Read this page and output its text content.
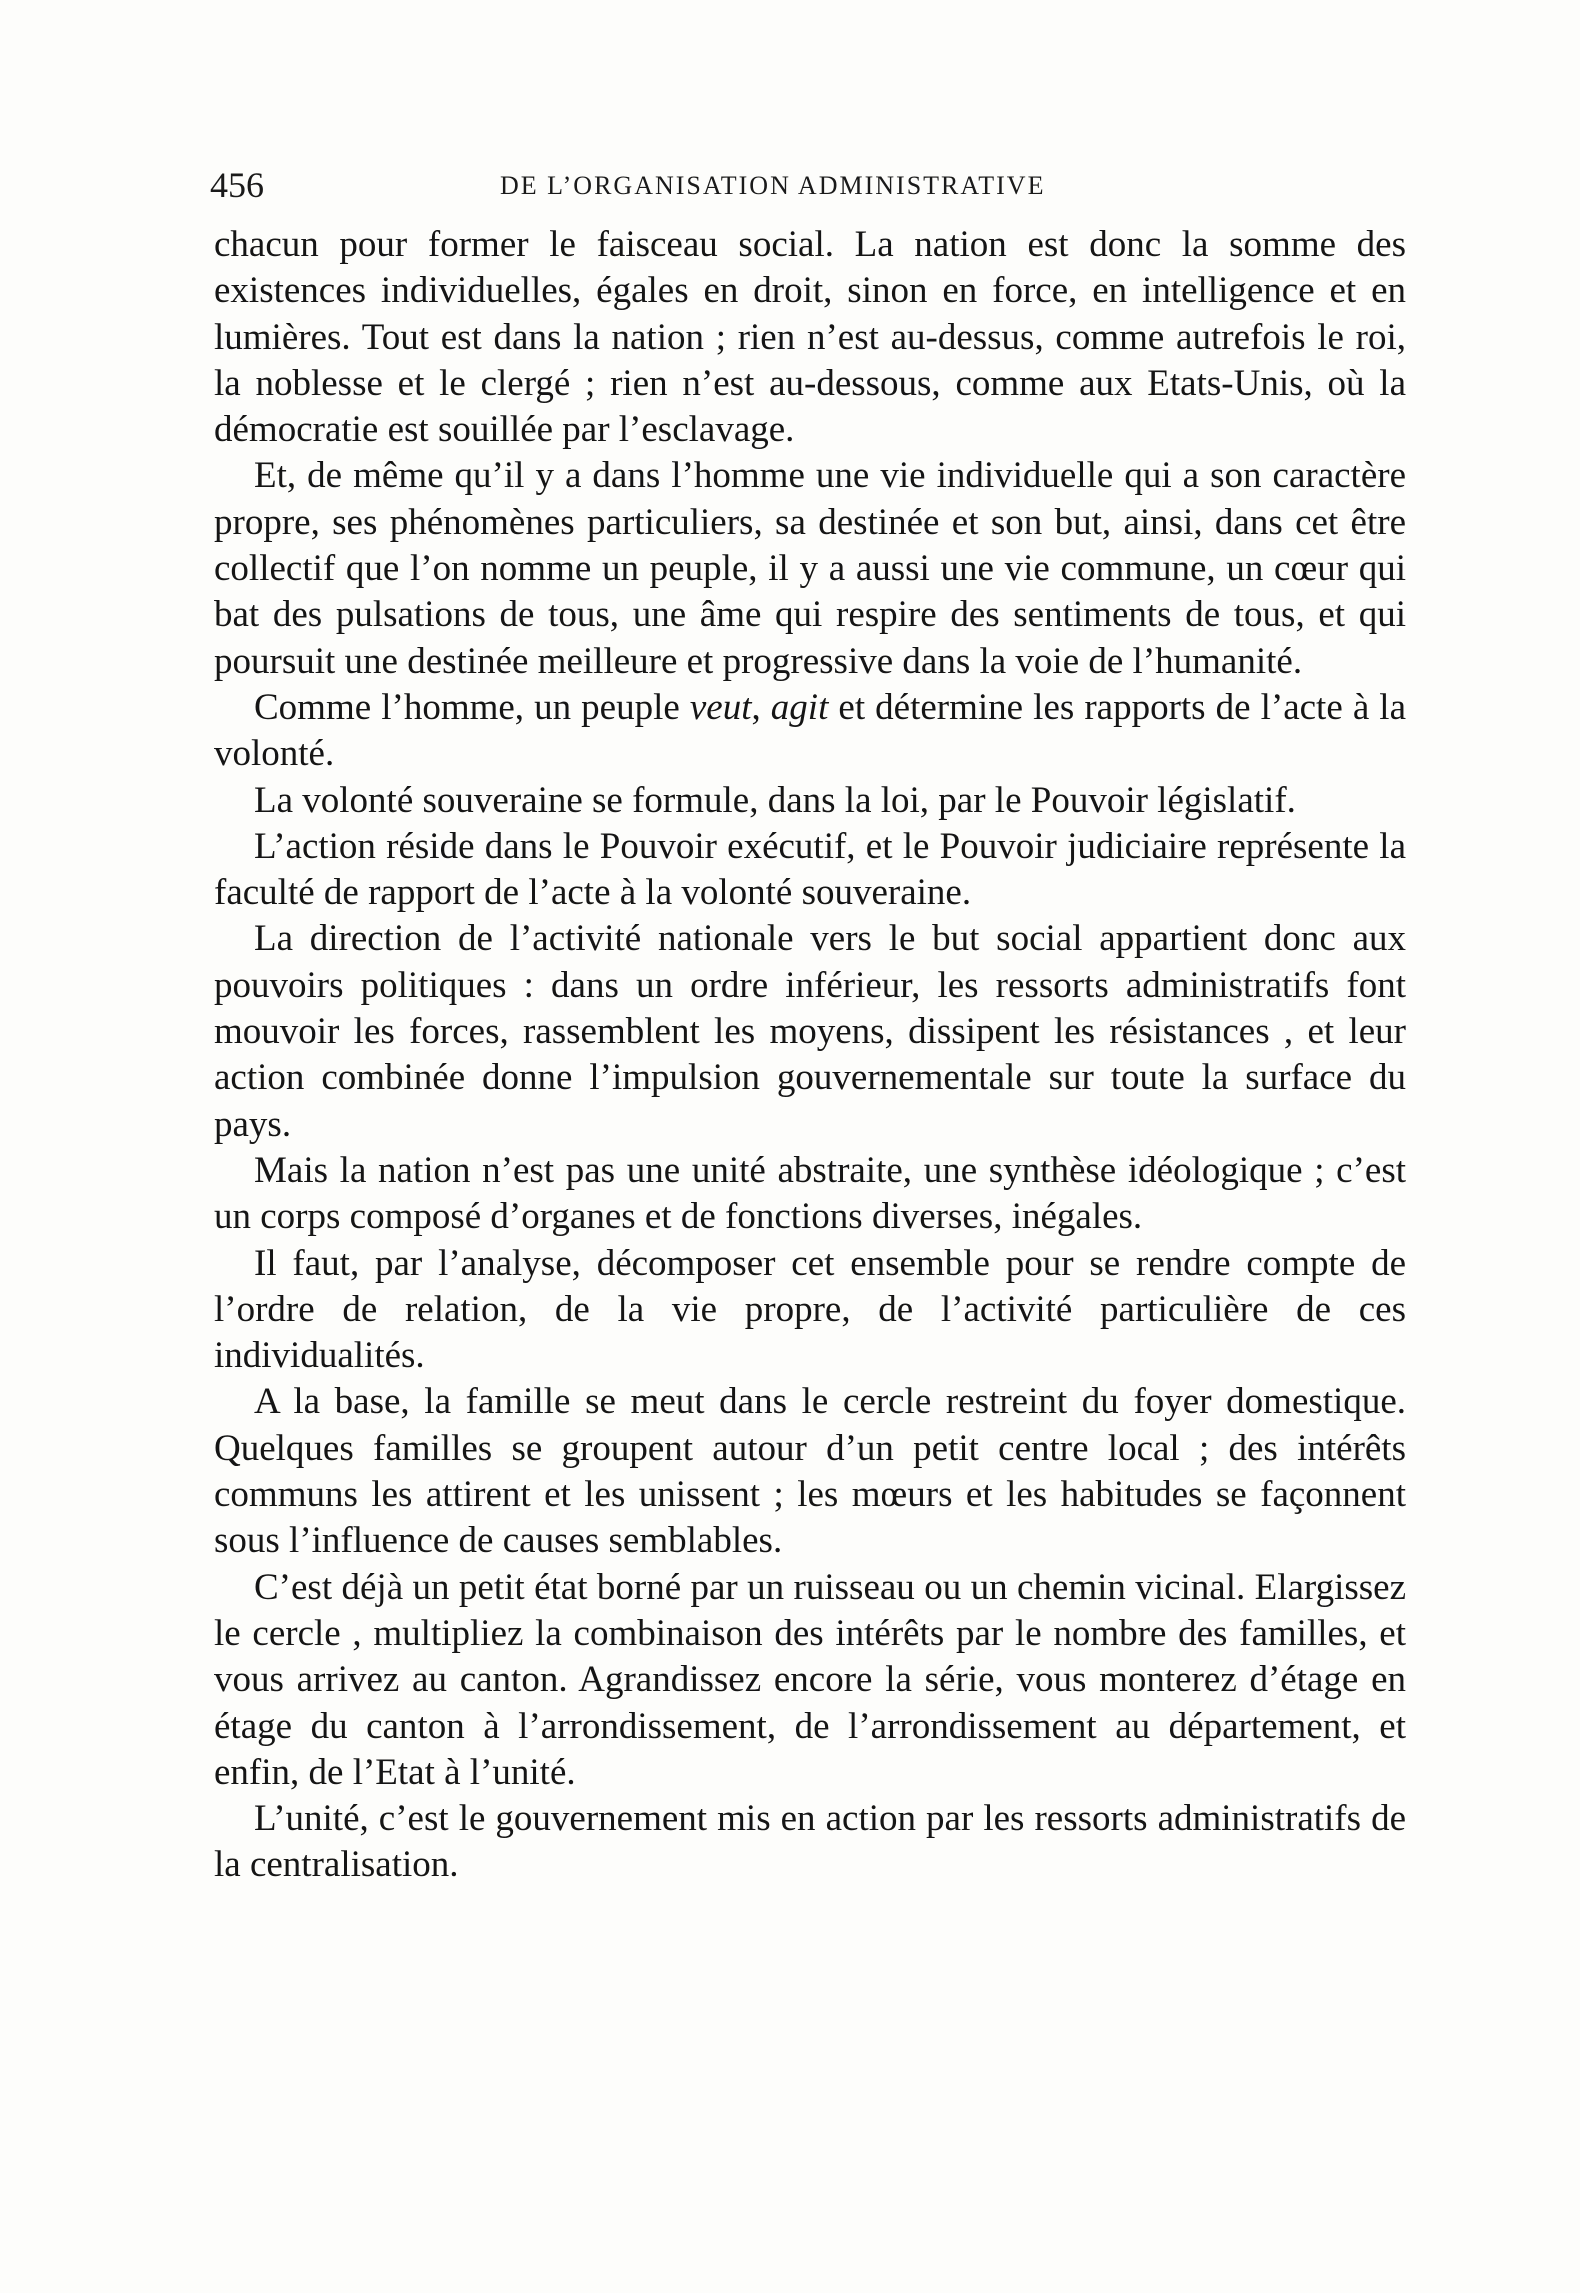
456	DE L’ORGANISATION ADMINISTRATIVE

chacun pour former le faisceau social. La nation est donc la somme des existences individuelles, égales en droit, sinon en force, en intelligence et en lumières. Tout est dans la nation ; rien n’est au-dessus, comme autrefois le roi, la noblesse et le clergé ; rien n’est au-dessous, comme aux Etats-Unis, où la démocratie est souillée par l’esclavage.

Et, de même qu’il y a dans l’homme une vie individuelle qui a son caractère propre, ses phénomènes particuliers, sa destinée et son but, ainsi, dans cet être collectif que l’on nomme un peuple, il y a aussi une vie commune, un cœur qui bat des pulsations de tous, une âme qui respire des sentiments de tous, et qui poursuit une destinée meilleure et progressive dans la voie de l’humanité.

Comme l’homme, un peuple veut, agit et détermine les rapports de l’acte à la volonté.

La volonté souveraine se formule, dans la loi, par le Pouvoir législatif.

L’action réside dans le Pouvoir exécutif, et le Pouvoir judiciaire représente la faculté de rapport de l’acte à la volonté souveraine.

La direction de l’activité nationale vers le but social appartient donc aux pouvoirs politiques : dans un ordre inférieur, les ressorts administratifs font mouvoir les forces, rassemblent les moyens, dissipent les résistances , et leur action combinée donne l’impulsion gouvernementale sur toute la surface du pays.

Mais la nation n’est pas une unité abstraite, une synthèse idéologique ; c’est un corps composé d’organes et de fonctions diverses, inégales.

Il faut, par l’analyse, décomposer cet ensemble pour se rendre compte de l’ordre de relation, de la vie propre, de l’activité particulière de ces individualités.

A la base, la famille se meut dans le cercle restreint du foyer domestique. Quelques familles se groupent autour d’un petit centre local ; des intérêts communs les attirent et les unissent ; les mœurs et les habitudes se façonnent sous l’influence de causes semblables.

C’est déjà un petit état borné par un ruisseau ou un chemin vicinal. Elargissez le cercle , multipliez la combinaison des intérêts par le nombre des familles, et vous arrivez au canton. Agrandissez encore la série, vous monterez d’étage en étage du canton à l’arrondissement, de l’arrondissement au département, et enfin, de l’Etat à l’unité.

L’unité, c’est le gouvernement mis en action par les ressorts administratifs de la centralisation.
